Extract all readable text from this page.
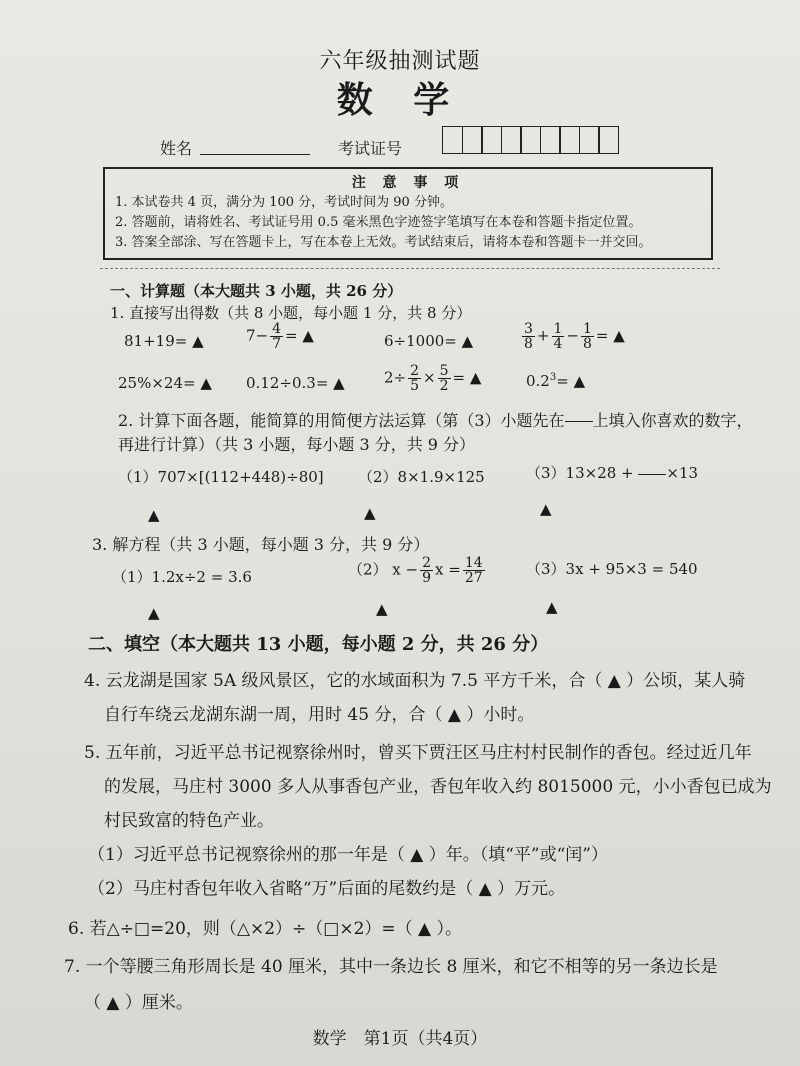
六年级抽测试题
数 学
姓名	考试证号
注 意 事 项
1. 本试卷共 4 页，满分为 100 分，考试时间为 90 分钟。
2. 答题前，请将姓名、考试证号用 0.5 毫米黑色字迹签字笔填写在本卷和答题卡指定位置。
3. 答案全部涂、写在答题卡上，写在本卷上无效。考试结束后，请将本卷和答题卡一并交回。
一、计算题（本大题共 3 小题，共 26 分）
1. 直接写出得数（共 8 小题，每小题 1 分，共 8 分）
81+19= ▲	$7- \frac{4}{7}$ = ▲	6÷1000= ▲	$\frac{3}{8} + \frac{1}{4} - \frac{1}{8}$ = ▲
25%×24= ▲ 0.12÷0.3= ▲	$2\div \frac{2}{5} \times \frac{5}{2}$ = ▲	$0.2^3=$ ▲
2. 计算下面各题，能简算的用简便方法运算（第（3）小题先在 上填入你喜欢的数字，
再进行计算）（共 3 小题，每小题 3 分，共 9 分）
（1）707×[(112+448)÷80] （2）8×1.9×125	（3）13×28 + ×13
▲	▲	▲
3. 解方程（共 3 小题，每小题 3 分，共 9 分）
（1）1.2x÷2 = 3.6	（2） $x - \frac{2}{9}$ $x = \frac{14}{27}$	（3）3x + 95×3 = 540
▲	▲	▲
二、填空（本大题共 13 小题，每小题 2 分，共 26 分）
4. 云龙湖是国家 5A 级风景区，它的水域面积为 7.5 平方千米，合（ ▲ ）公顷，某人骑
自行车绕云龙湖东湖一周，用时 45 分，合（ ▲ ）小时。
5. 五年前，习近平总书记视察徐州时，曾买下贾汪区马庄村村民制作的香包。经过近几年
的发展，马庄村 3000 多人从事香包产业，香包年收入约 8015000 元，小小香包已成为
村民致富的特色产业。
（1）习近平总书记视察徐州的那一年是（ ▲ ）年。（填“平”或“闰”）
（2）马庄村香包年收入省略“万”后面的尾数约是（ ▲ ）万元。
6. 若△÷□=20，则（△×2）÷（□×2）=（ ▲ ）。
7. 一个等腰三角形周长是 40 厘米，其中一条边长 8 厘米，和它不相等的另一条边长是
（ ▲ ）厘米。
数学　第1页（共4页）
